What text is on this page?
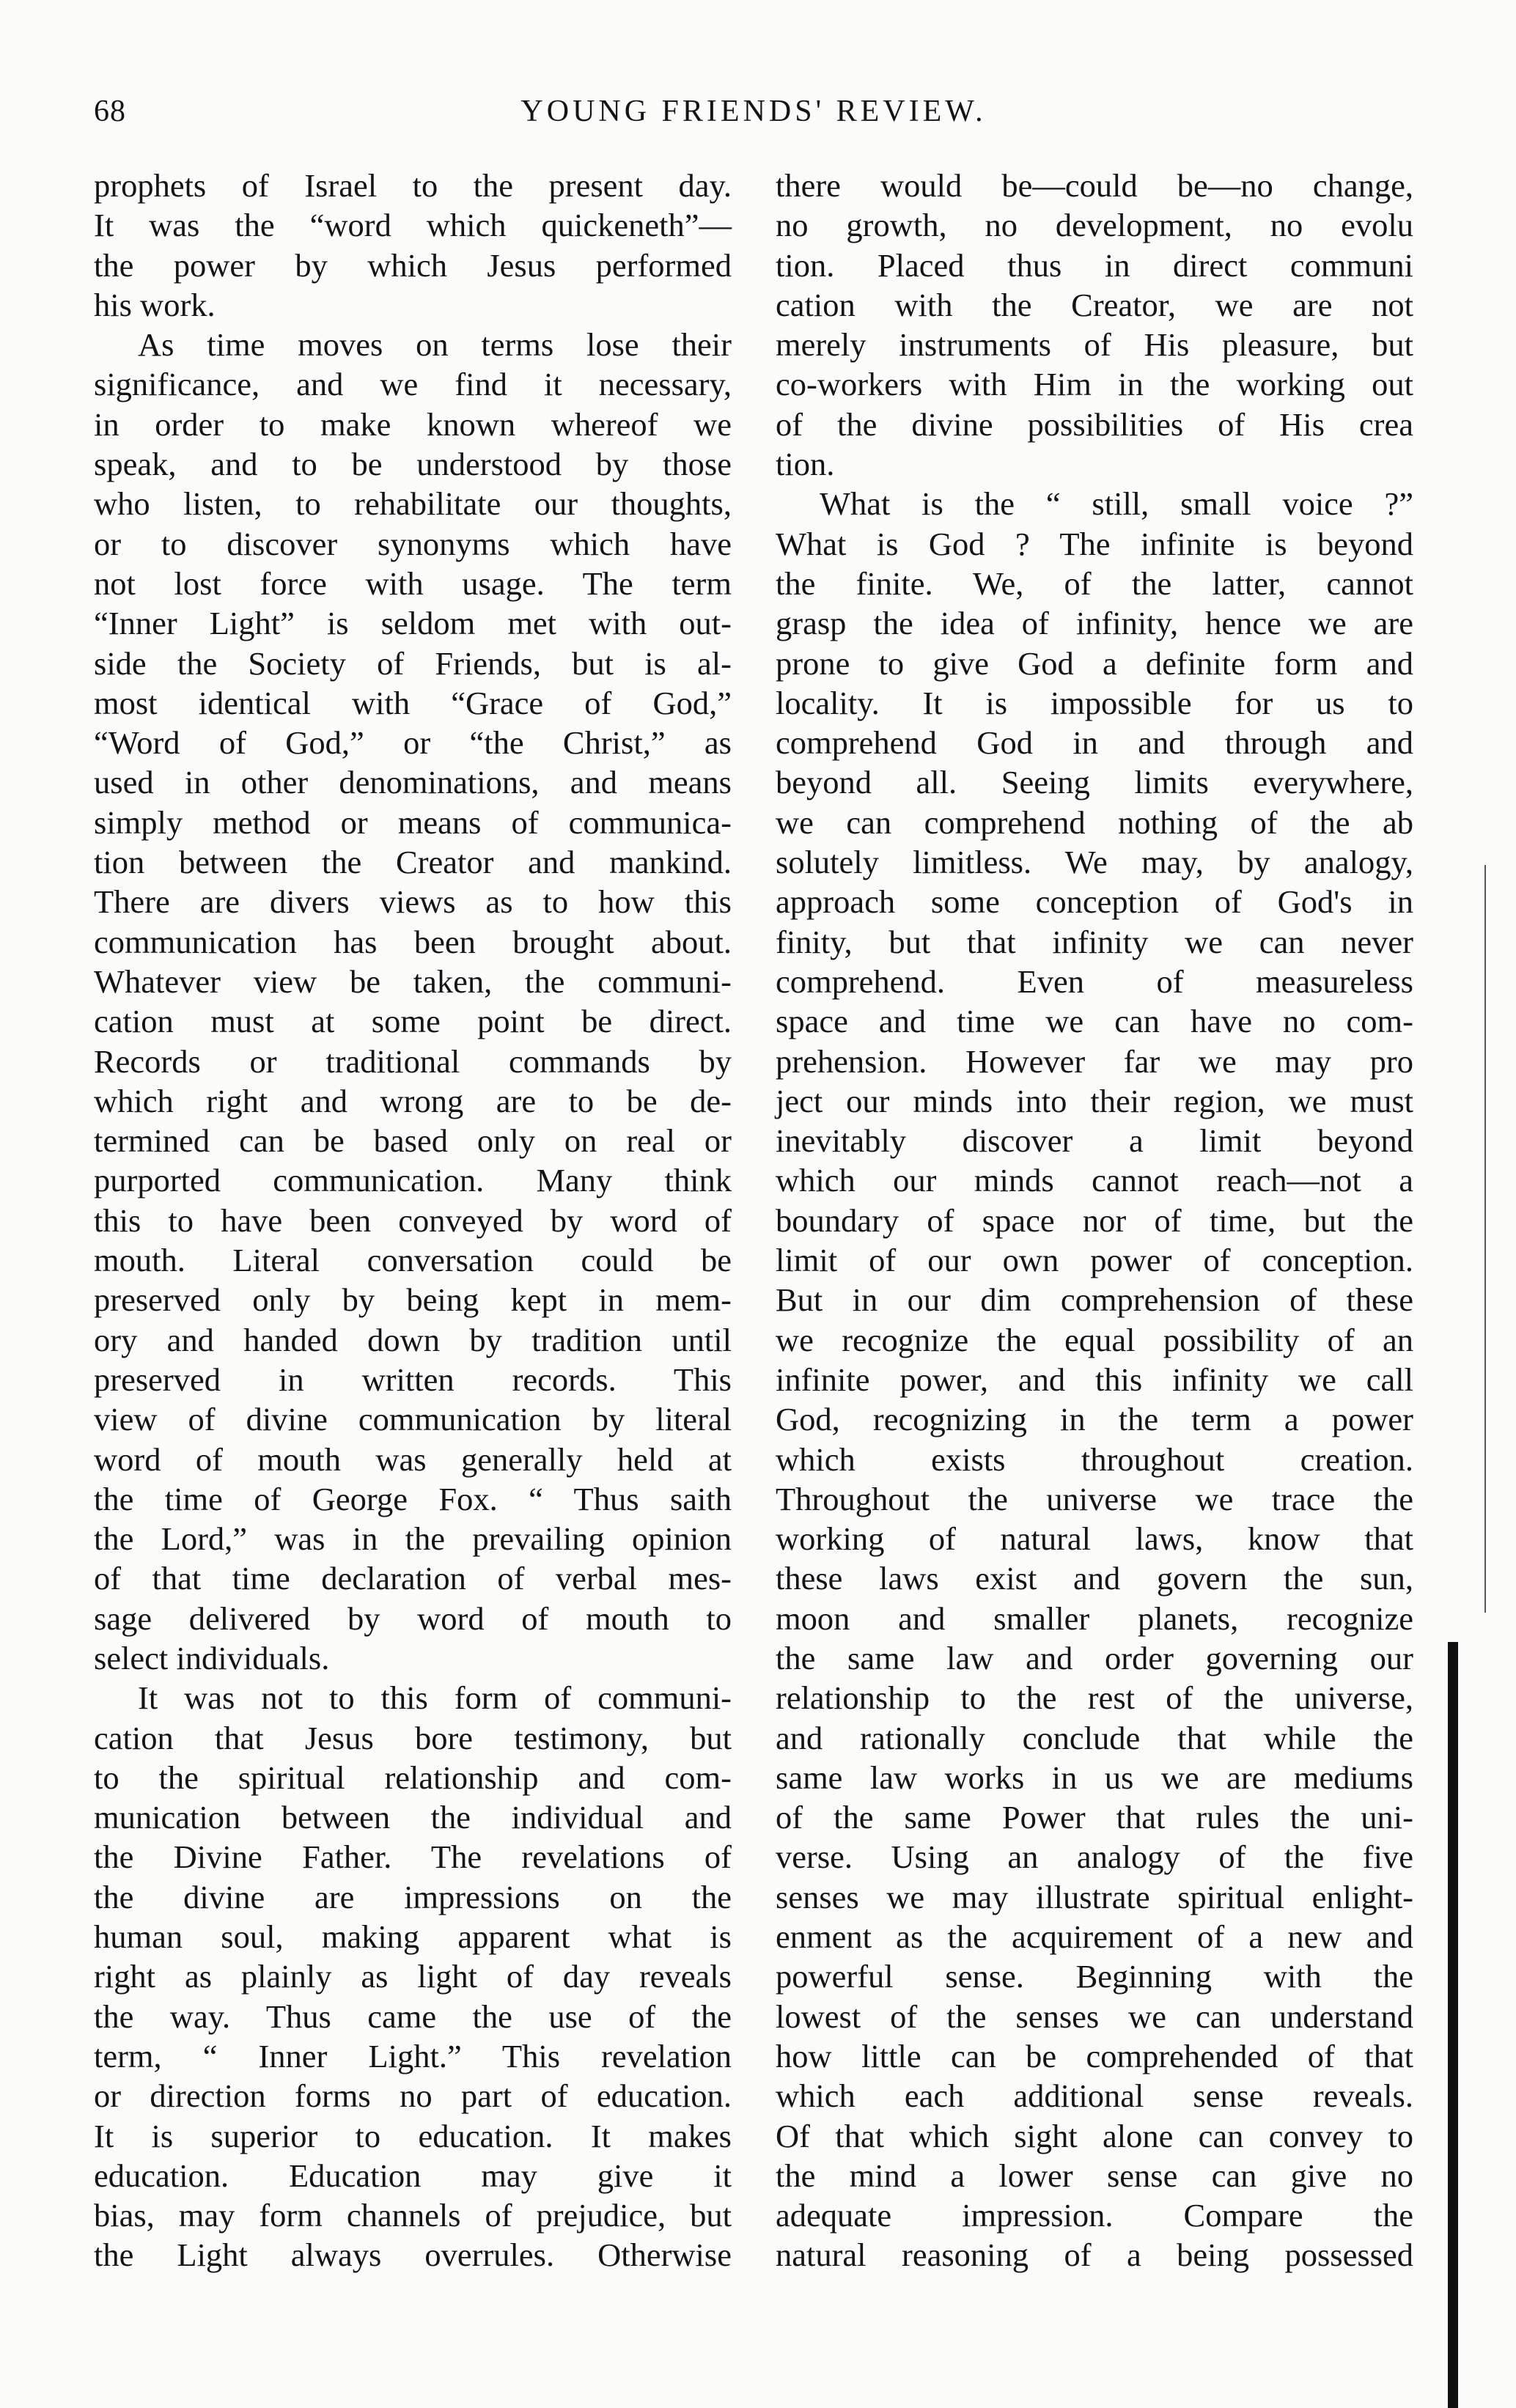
68	YOUNG FRIENDS' REVIEW.
prophets of Israel to the present day.
It was the “word which quickeneth”—
the power by which Jesus performed
his work.
As time moves on terms lose their
significance, and we find it necessary,
in order to make known whereof we
speak, and to be understood by those
who listen, to rehabilitate our thoughts,
or to discover synonyms which have
not lost force with usage. The term
“Inner Light” is seldom met with out-
side the Society of Friends, but is al-
most identical with “Grace of God,”
“Word of God,” or “the Christ,” as
used in other denominations, and means
simply method or means of communica-
tion between the Creator and mankind.
There are divers views as to how this
communication has been brought about.
Whatever view be taken, the communi-
cation must at some point be direct.
Records or traditional commands by
which right and wrong are to be de-
termined can be based only on real or
purported communication. Many think
this to have been conveyed by word of
mouth. Literal conversation could be
preserved only by being kept in mem-
ory and handed down by tradition until
preserved in written records. This
view of divine communication by literal
word of mouth was generally held at
the time of George Fox. “ Thus saith
the Lord,” was in the prevailing opinion
of that time declaration of verbal mes-
sage delivered by word of mouth to
select individuals.
It was not to this form of communi-
cation that Jesus bore testimony, but
to the spiritual relationship and com-
munication between the individual and
the Divine Father. The revelations of
the divine are impressions on the
human soul, making apparent what is
right as plainly as light of day reveals
the way. Thus came the use of the
term, “ Inner Light.” This revelation
or direction forms no part of education.
It is superior to education. It makes
education. Education may give it
bias, may form channels of prejudice, but
the Light always overrules. Otherwise
there would be—could be—no change,
no growth, no development, no evolu
tion. Placed thus in direct communi
cation with the Creator, we are not
merely instruments of His pleasure, but
co-workers with Him in the working out
of the divine possibilities of His crea
tion.
What is the “ still, small voice ?”
What is God ? The infinite is beyond
the finite. We, of the latter, cannot
grasp the idea of infinity, hence we are
prone to give God a definite form and
locality. It is impossible for us to
comprehend God in and through and
beyond all. Seeing limits everywhere,
we can comprehend nothing of the ab
solutely limitless. We may, by analogy,
approach some conception of God's in
finity, but that infinity we can never
comprehend. Even of measureless
space and time we can have no com-
prehension. However far we may pro
ject our minds into their region, we must
inevitably discover a limit beyond
which our minds cannot reach—not a
boundary of space nor of time, but the
limit of our own power of conception.
But in our dim comprehension of these
we recognize the equal possibility of an
infinite power, and this infinity we call
God, recognizing in the term a power
which exists throughout creation.
Throughout the universe we trace the
working of natural laws, know that
these laws exist and govern the sun,
moon and smaller planets, recognize
the same law and order governing our
relationship to the rest of the universe,
and rationally conclude that while the
same law works in us we are mediums
of the same Power that rules the uni-
verse. Using an analogy of the five
senses we may illustrate spiritual enlight-
enment as the acquirement of a new and
powerful sense. Beginning with the
lowest of the senses we can understand
how little can be comprehended of that
which each additional sense reveals.
Of that which sight alone can convey to
the mind a lower sense can give no
adequate impression. Compare the
natural reasoning of a being possessed
